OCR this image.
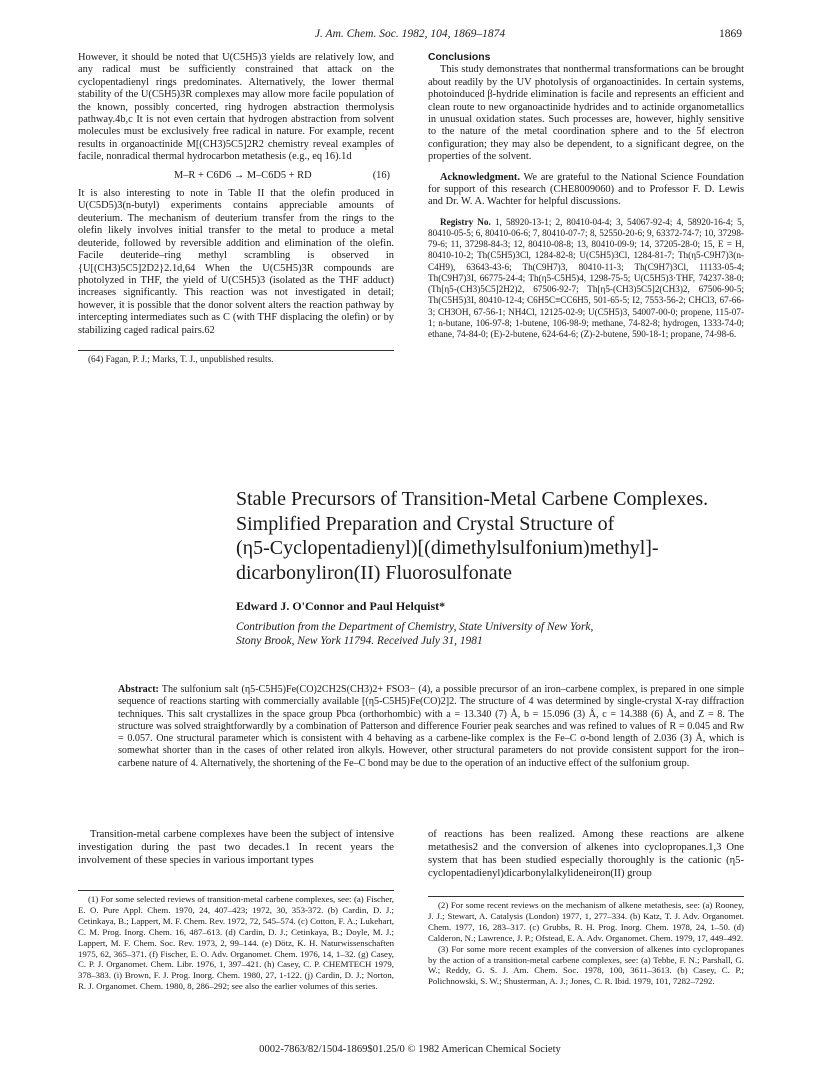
J. Am. Chem. Soc. 1982, 104, 1869–1874	1869

However, it should be noted that U(C5H5)3 yields are relatively low, and any radical must be sufficiently constrained that attack on the cyclopentadienyl rings predominates. Alternatively, the lower thermal stability of the U(C5H5)3R complexes may allow more facile population of the known, possibly concerted, ring hydrogen abstraction thermolysis pathway.4b,c It is not even certain that hydrogen abstraction from solvent molecules must be exclusively free radical in nature. For example, recent results in organoactinide M[(CH3)5C5]2R2 chemistry reveal examples of facile, nonradical thermal hydrocarbon metathesis (e.g., eq 16).1d

M–R + C6D6 → M–C6D5 + RD	(16)

It is also interesting to note in Table II that the olefin produced in U(C5D5)3(n-butyl) experiments contains appreciable amounts of deuterium. The mechanism of deuterium transfer from the rings to the olefin likely involves initial transfer to the metal to produce a metal deuteride, followed by reversible addition and elimination of the olefin. Facile deuteride–ring methyl scrambling is observed in {U[(CH3)5C5]2D2}2.1d,64 When the U(C5H5)3R compounds are photolyzed in THF, the yield of U(C5H5)3 (isolated as the THF adduct) increases significantly. This reaction was not investigated in detail; however, it is possible that the donor solvent alters the reaction pathway by intercepting intermediates such as C (with THF displacing the olefin) or by stabilizing caged radical pairs.62

(64) Fagan, P. J.; Marks, T. J., unpublished results.

Conclusions

This study demonstrates that nonthermal transformations can be brought about readily by the UV photolysis of organoactinides. In certain systems, photoinduced β-hydride elimination is facile and represents an efficient and clean route to new organoactinide hydrides and to actinide organometallics in unusual oxidation states. Such processes are, however, highly sensitive to the nature of the metal coordination sphere and to the 5f electron configuration; they may also be dependent, to a significant degree, on the properties of the solvent.

Acknowledgment. We are grateful to the National Science Foundation for support of this research (CHE8009060) and to Professor F. D. Lewis and Dr. W. A. Wachter for helpful discussions.

Registry No. 1, 58920-13-1; 2, 80410-04-4; 3, 54067-92-4; 4, 58920-16-4; 5, 80410-05-5; 6, 80410-06-6; 7, 80410-07-7; 8, 52550-20-6; 9, 63372-74-7; 10, 37298-79-6; 11, 37298-84-3; 12, 80410-08-8; 13, 80410-09-9; 14, 37205-28-0; 15, E = H, 80410-10-2; Th(C5H5)3Cl, 1284-82-8; U(C5H5)3Cl, 1284-81-7; Th(η5-C9H7)3(n-C4H9), 63643-43-6; Th(C9H7)3, 80410-11-3; Th(C9H7)3Cl, 11133-05-4; Th(C9H7)3I, 66775-24-4; Th(η5-C5H5)4, 1298-75-5; U(C5H5)3·THF, 74237-38-0; (Th[η5-(CH3)5C5]2H2)2, 67506-92-7; Th[η5-(CH3)5C5]2(CH3)2, 67506-90-5; Th(C5H5)3I, 80410-12-4; C6H5C≡CC6H5, 501-65-5; I2, 7553-56-2; CHCl3, 67-66-3; CH3OH, 67-56-1; NH4Cl, 12125-02-9; U(C5H5)3, 54007-00-0; propene, 115-07-1; n-butane, 106-97-8; 1-butene, 106-98-9; methane, 74-82-8; hydrogen, 1333-74-0; ethane, 74-84-0; (E)-2-butene, 624-64-6; (Z)-2-butene, 590-18-1; propane, 74-98-6.

Stable Precursors of Transition-Metal Carbene Complexes.
Simplified Preparation and Crystal Structure of
(η5-Cyclopentadienyl)[(dimethylsulfonium)methyl]-
dicarbonyliron(II) Fluorosulfonate
Edward J. O'Connor and Paul Helquist*
Contribution from the Department of Chemistry, State University of New York,
Stony Brook, New York 11794. Received July 31, 1981
Abstract: The sulfonium salt (η5-C5H5)Fe(CO)2CH2S(CH3)2+ FSO3− (4), a possible precursor of an iron–carbene complex, is prepared in one simple sequence of reactions starting with commercially available [(η5-C5H5)Fe(CO)2]2. The structure of 4 was determined by single-crystal X-ray diffraction techniques. This salt crystallizes in the space group Pbca (orthorhombic) with a = 13.340 (7) Å, b = 15.096 (3) Å, c = 14.388 (6) Å, and Z = 8. The structure was solved straightforwardly by a combination of Patterson and difference Fourier peak searches and was refined to values of R = 0.045 and Rw = 0.057. One structural parameter which is consistent with 4 behaving as a carbene-like complex is the Fe–C σ-bond length of 2.036 (3) Å, which is somewhat shorter than in the cases of other related iron alkyls. However, other structural parameters do not provide consistent support for the iron–carbene nature of 4. Alternatively, the shortening of the Fe–C bond may be due to the operation of an inductive effect of the sulfonium group.
Transition-metal carbene complexes have been the subject of intensive investigation during the past two decades.1 In recent years the involvement of these species in various important types
of reactions has been realized. Among these reactions are alkene metathesis2 and the conversion of alkenes into cyclopropanes.1,3 One system that has been studied especially thoroughly is the cationic (η5-cyclopentadienyl)dicarbonylalkylideneiron(II) group

(1) For some selected reviews of transition-metal carbene complexes, see: (a) Fischer, E. O. Pure Appl. Chem. 1970, 24, 407–423; 1972, 30, 353-372. (b) Cardin, D. J.; Cetinkaya, B.; Lappert, M. F. Chem. Rev. 1972, 72, 545–574. (c) Cotton, F. A.; Lukehart, C. M. Prog. Inorg. Chem. 16, 487–613. (d) Cardin, D. J.; Cetinkaya, B.; Doyle, M. J.; Lappert, M. F. Chem. Soc. Rev. 1973, 2, 99–144. (e) Dötz, K. H. Naturwissenschaften 1975, 62, 365–371. (f) Fischer, E. O. Adv. Organomet. Chem. 1976, 14, 1–32. (g) Casey, C. P. J. Organomet. Chem. Libr. 1976, 1, 397–421. (h) Casey, C. P. CHEMTECH 1979, 378–383. (i) Brown, F. J. Prog. Inorg. Chem. 1980, 27, 1-122. (j) Cardin, D. J.; Norton, R. J. Organomet. Chem. 1980, 8, 286–292; see also the earlier volumes of this series.

(2) For some recent reviews on the mechanism of alkene metathesis, see: (a) Rooney, J. J.; Stewart, A. Catalysis (London) 1977, 1, 277–334. (b) Katz, T. J. Adv. Organomet. Chem. 1977, 16, 283–317. (c) Grubbs, R. H. Prog. Inorg. Chem. 1978, 24, 1–50. (d) Calderon, N.; Lawrence, J. P.; Ofstead, E. A. Adv. Organomet. Chem. 1979, 17, 449–492.

(3) For some more recent examples of the conversion of alkenes into cyclopropanes by the action of a transition-metal carbene complexes, see: (a) Tebbe, F. N.; Parshall, G. W.; Reddy, G. S. J. Am. Chem. Soc. 1978, 100, 3611–3613. (b) Casey, C. P.; Polichnowski, S. W.; Shusterman, A. J.; Jones, C. R. Ibid. 1979, 101, 7282–7292.

0002-7863/82/1504-1869$01.25/0 © 1982 American Chemical Society
